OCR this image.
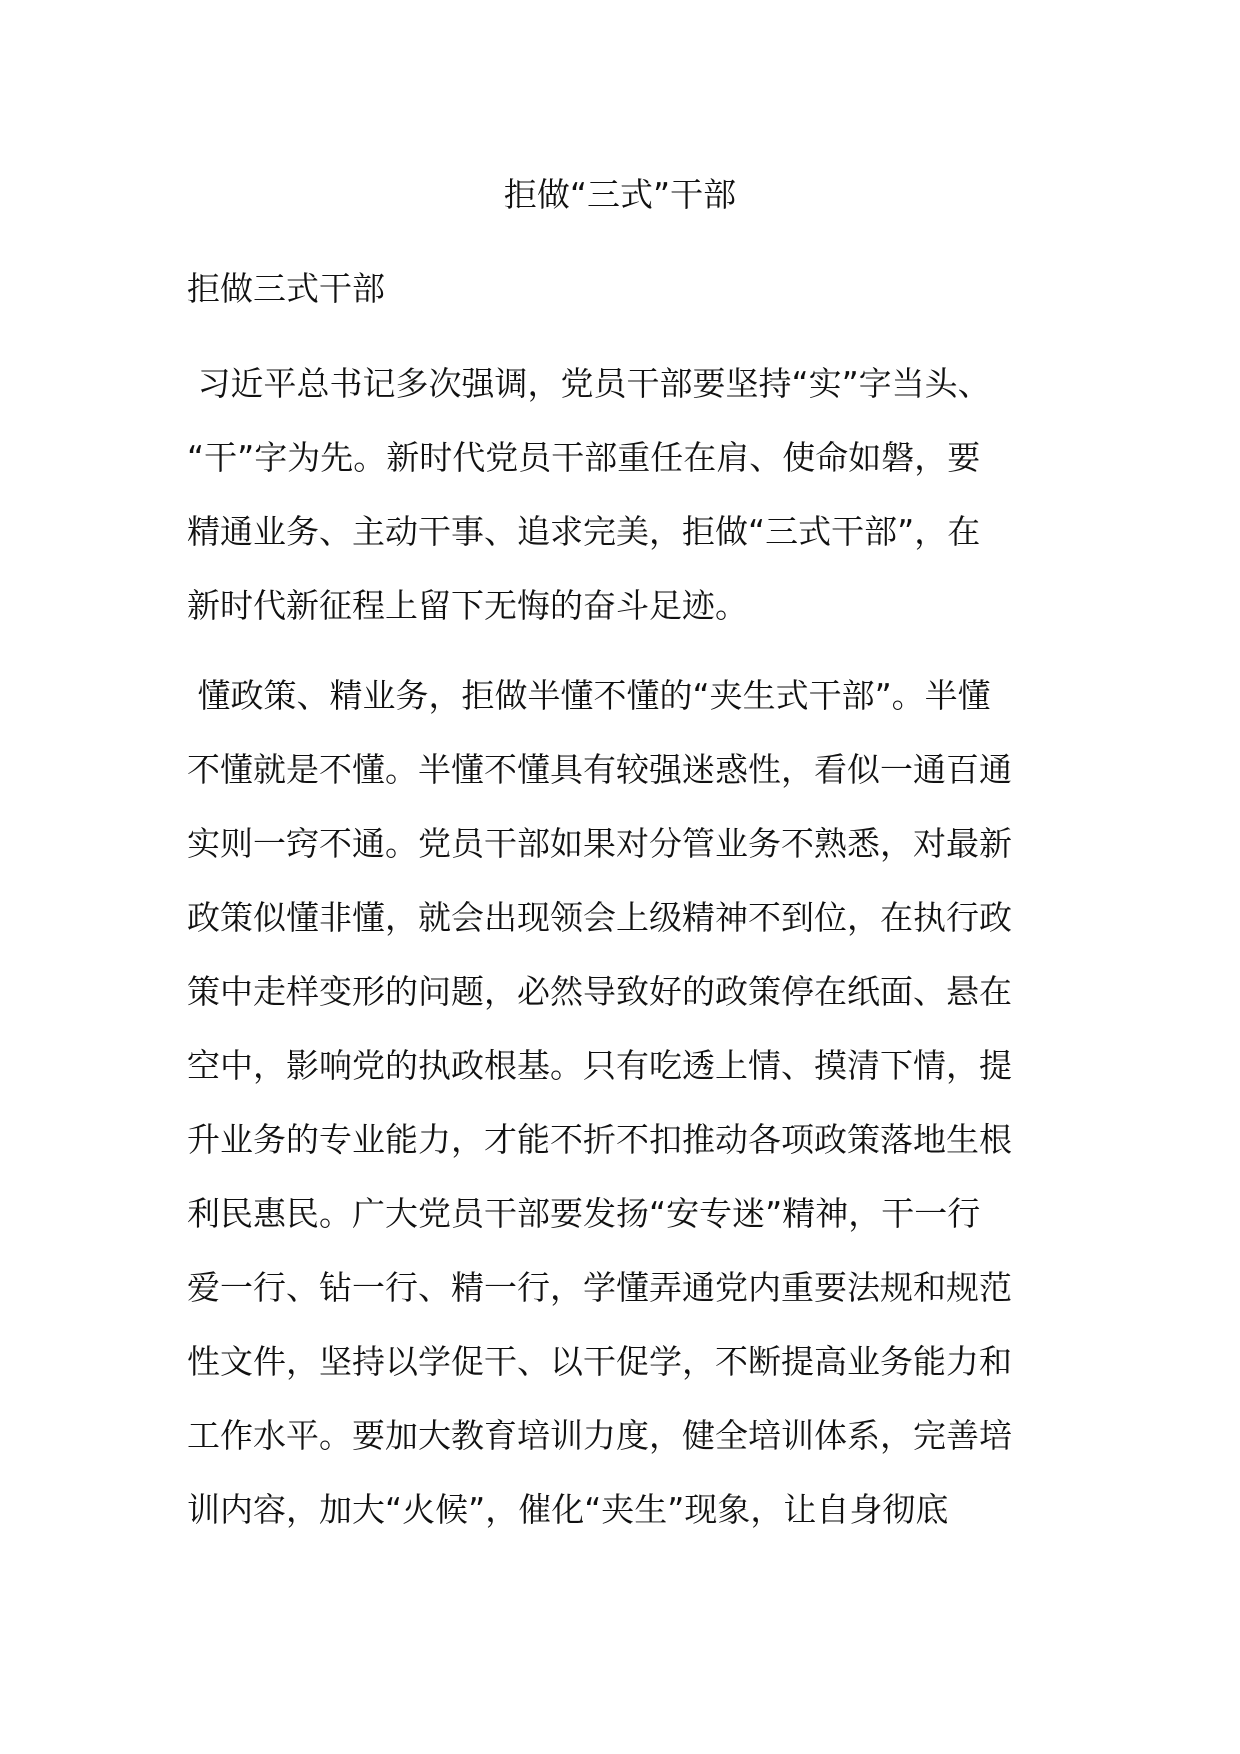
拒做“三式”干部
拒做三式干部
习近平总书记多次强调，党员干部要坚持“实”字当头、
“干”字为先。新时代党员干部重任在肩、使命如磐，要
精通业务、主动干事、追求完美，拒做“三式干部”，在
新时代新征程上留下无悔的奋斗足迹。
懂政策、精业务，拒做半懂不懂的“夹生式干部”。半懂
不懂就是不懂。半懂不懂具有较强迷惑性，看似一通百通
实则一窍不通。党员干部如果对分管业务不熟悉，对最新
政策似懂非懂，就会出现领会上级精神不到位，在执行政
策中走样变形的问题，必然导致好的政策停在纸面、悬在
空中，影响党的执政根基。只有吃透上情、摸清下情，提
升业务的专业能力，才能不折不扣推动各项政策落地生根
利民惠民。广大党员干部要发扬“安专迷”精神，干一行
爱一行、钻一行、精一行，学懂弄通党内重要法规和规范
性文件，坚持以学促干、以干促学，不断提高业务能力和
工作水平。要加大教育培训力度，健全培训体系，完善培
训内容，加大“火候”，催化“夹生”现象，让自身彻底
